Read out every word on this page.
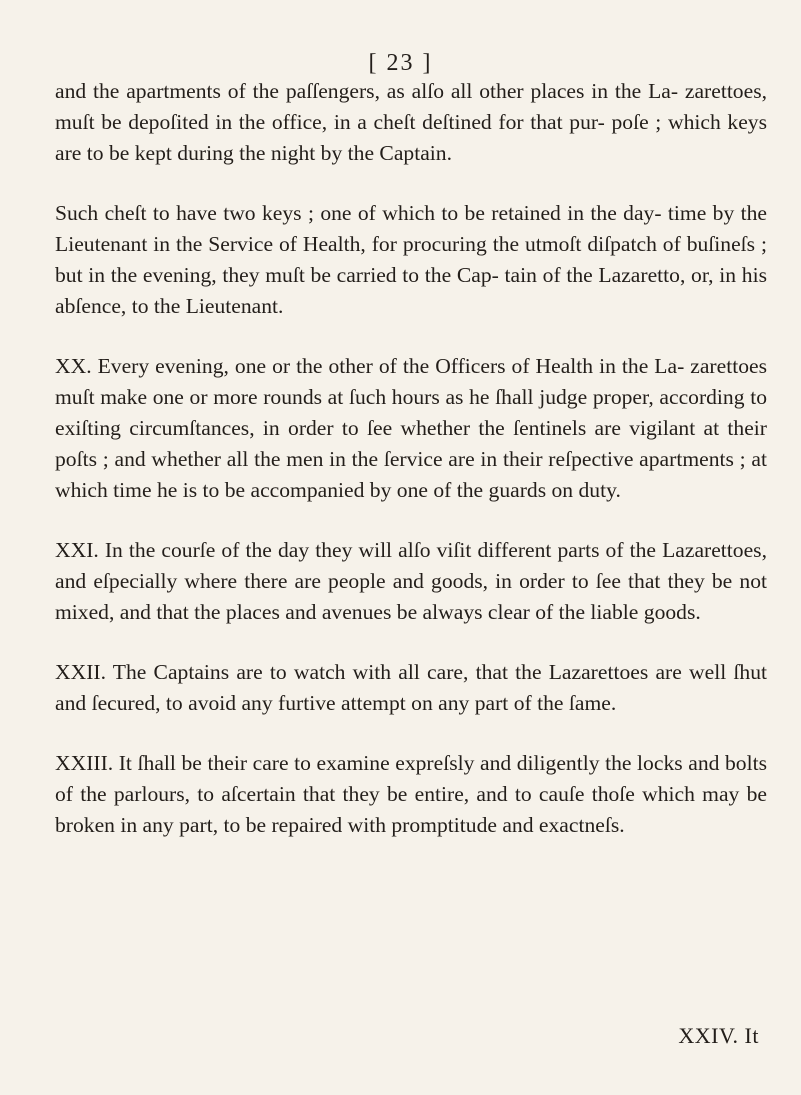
[ 23 ]

and the apartments of the paſſengers, as alſo all other places in the La- zarettoes, muſt be depoſited in the office, in a cheſt deſtined for that pur- poſe ; which keys are to be kept during the night by the Captain.

Such cheſt to have two keys ; one of which to be retained in the day- time by the Lieutenant in the Service of Health, for procuring the utmoſt diſpatch of buſineſs ; but in the evening, they muſt be carried to the Cap- tain of the Lazaretto, or, in his abſence, to the Lieutenant.

XX. Every evening, one or the other of the Officers of Health in the La- zarettoes muſt make one or more rounds at ſuch hours as he ſhall judge proper, according to exiſting circumſtances, in order to ſee whether the ſentinels are vigilant at their poſts ; and whether all the men in the ſervice are in their reſpective apartments ; at which time he is to be accompanied by one of the guards on duty.

XXI. In the courſe of the day they will alſo viſit different parts of the Lazarettoes, and eſpecially where there are people and goods, in order to ſee that they be not mixed, and that the places and avenues be always clear of the liable goods.

XXII. The Captains are to watch with all care, that the Lazarettoes are well ſhut and ſecured, to avoid any furtive attempt on any part of the ſame.

XXIII. It ſhall be their care to examine expreſsly and diligently the locks and bolts of the parlours, to aſcertain that they be entire, and to cauſe thoſe which may be broken in any part, to be repaired with promptitude and exactneſs.

XXIV. It
